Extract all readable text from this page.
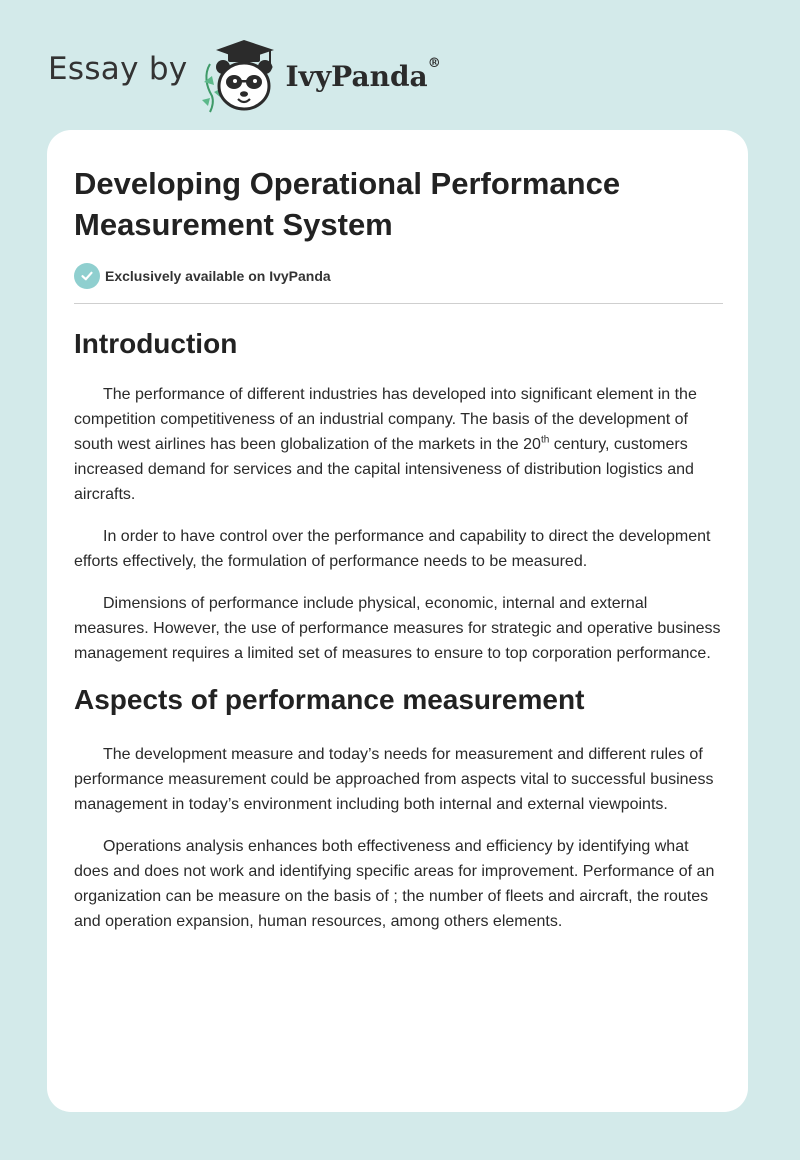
Essay by	IvyPanda®
Developing Operational Performance Measurement System
Exclusively available on IvyPanda
Introduction

The performance of different industries has developed into significant element in the competition competitiveness of an industrial company. The basis of the development of south west airlines has been globalization of the markets in the 20th century, customers increased demand for services and the capital intensiveness of distribution logistics and aircrafts.

In order to have control over the performance and capability to direct the development efforts effectively, the formulation of performance needs to be measured.

Dimensions of performance include physical, economic, internal and external measures. However, the use of performance measures for strategic and operative business management requires a limited set of measures to ensure to top corporation performance.

Aspects of performance measurement

The development measure and today’s needs for measurement and different rules of performance measurement could be approached from aspects vital to successful business management in today’s environment including both internal and external viewpoints.

Operations analysis enhances both effectiveness and efficiency by identifying what does and does not work and identifying specific areas for improvement. Performance of an organization can be measure on the basis of ; the number of fleets and aircraft, the routes and operation expansion, human resources, among others elements.
